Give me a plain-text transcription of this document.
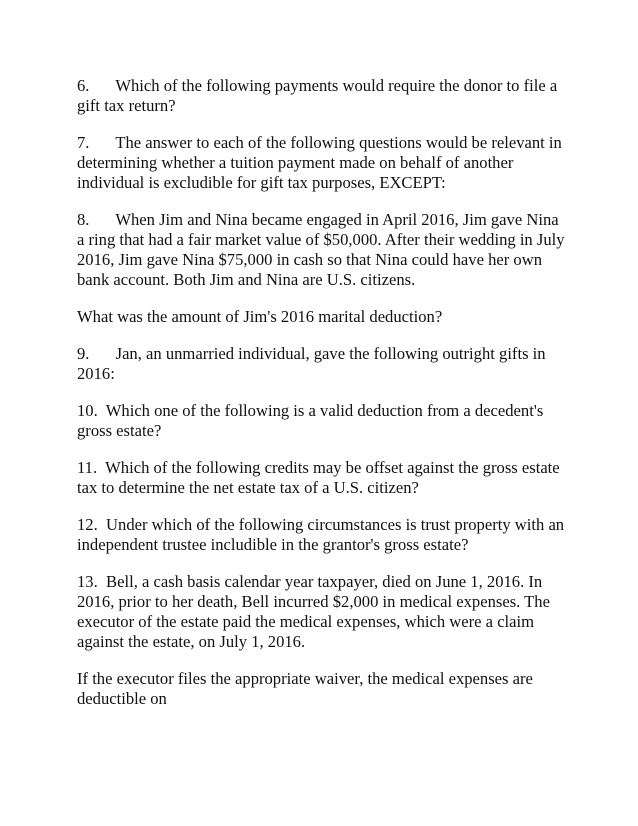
6. Which of the following payments would require the donor to file a gift tax return?

7. The answer to each of the following questions would be relevant in determining whether a tuition payment made on behalf of another individual is excludible for gift tax purposes, EXCEPT:

8. When Jim and Nina became engaged in April 2016, Jim gave Nina a ring that had a fair market value of $50,000. After their wedding in July 2016, Jim gave Nina $75,000 in cash so that Nina could have her own bank account. Both Jim and Nina are U.S. citizens.

What was the amount of Jim's 2016 marital deduction?

9. Jan, an unmarried individual, gave the following outright gifts in 2016:

10. Which one of the following is a valid deduction from a decedent's gross estate?

11. Which of the following credits may be offset against the gross estate tax to determine the net estate tax of a U.S. citizen?

12. Under which of the following circumstances is trust property with an independent trustee includible in the grantor's gross estate?

13. Bell, a cash basis calendar year taxpayer, died on June 1, 2016. In 2016, prior to her death, Bell incurred $2,000 in medical expenses. The executor of the estate paid the medical expenses, which were a claim against the estate, on July 1, 2016.

If the executor files the appropriate waiver, the medical expenses are deductible on
